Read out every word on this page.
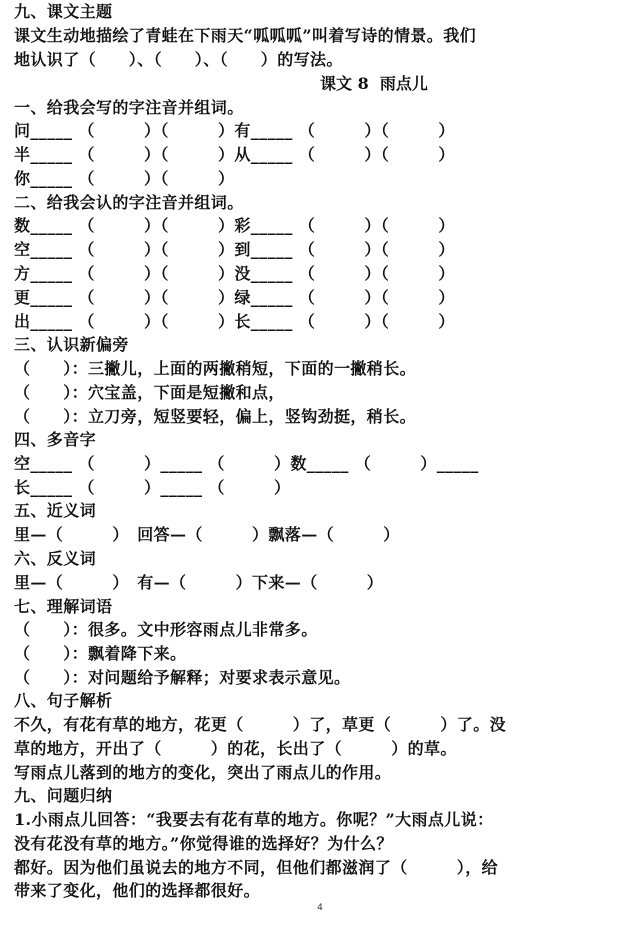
九、课文主题
课文生动地描绘了青蛙在下雨天“呱呱呱”叫着写诗的情景。我们
地认识了（　　）、（　　）、（　　）的写法。
课文 8  雨点儿
一、给我会写的字注音并组词。
问_____ （　　　）（　　　）有_____ （　　　）（　　　）
半_____ （　　　）（　　　）从_____ （　　　）（　　　）
你_____ （　　　）（　　　）
二、给我会认的字注音并组词。
数_____ （　　　）（　　　）彩_____ （　　　）（　　　）
空_____ （　　　）（　　　）到_____ （　　　）（　　　）
方_____ （　　　）（　　　）没_____ （　　　）（　　　）
更_____ （　　　）（　　　）绿_____ （　　　）（　　　）
出_____ （　　　）（　　　）长_____ （　　　）（　　　）
三、认识新偏旁
（　　）：三撇儿，上面的两撇稍短，下面的一撇稍长。
（　　）：穴宝盖，下面是短撇和点，
（　　）：立刀旁，短竖要轻，偏上，竖钩劲挺，稍长。
四、多音字
空_____ （　　　）_____ （　　　）数_____ （　　　）_____
长_____ （　　　）_____ （　　　）
五、近义词
里—（　　　）　回答—（　　　）飘落—（　　　）
六、反义词
里—（　　　）　有—（　　　）下来—（　　　）
七、理解词语
（　　）：很多。文中形容雨点儿非常多。
（　　）：飘着降下来。
（　　）：对问题给予解释；对要求表示意见。
八、句子解析
不久，有花有草的地方，花更（　　　）了，草更（　　　）了。没
草的地方，开出了（　　　）的花，长出了（　　　）的草。
写雨点儿落到的地方的变化，突出了雨点儿的作用。
九、问题归纳
1.小雨点儿回答：“我要去有花有草的地方。你呢？”大雨点儿说：
没有花没有草的地方。”你觉得谁的选择好？为什么？
都好。因为他们虽说去的地方不同，但他们都滋润了（　　　），给
带来了变化，他们的选择都很好。
4
